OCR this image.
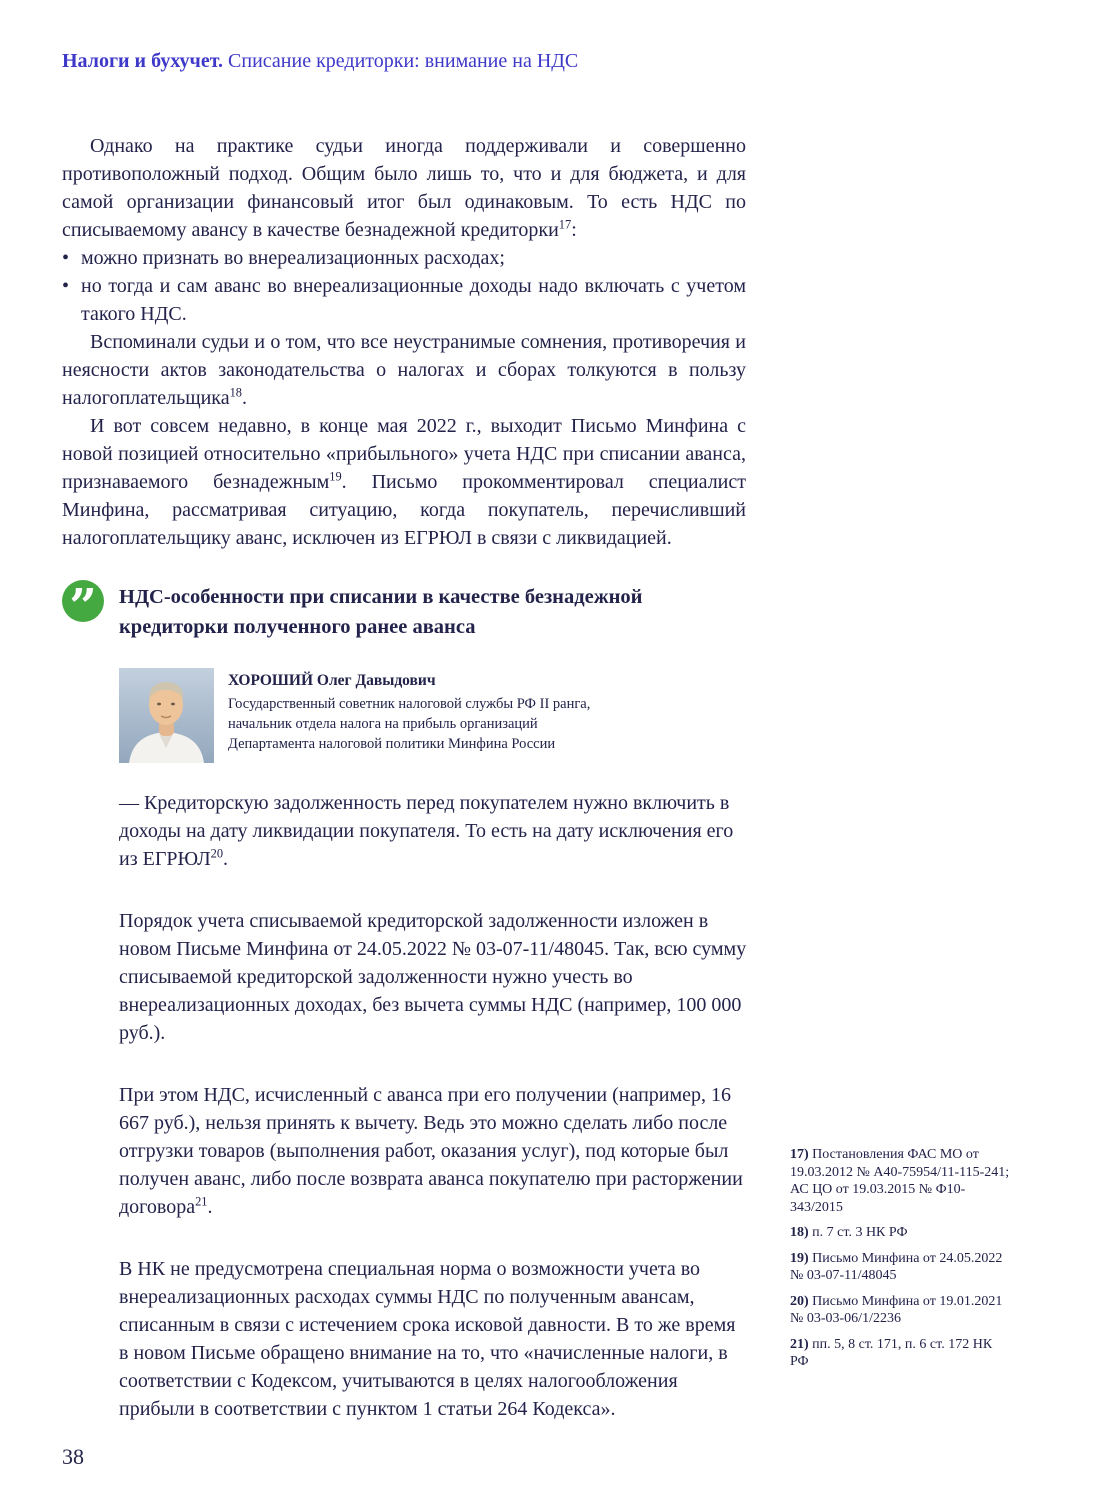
Налоги и бухучет. Списание кредиторки: внимание на НДС

Однако на практике судьи иногда поддерживали и совершенно противоположный подход. Общим было лишь то, что и для бюджета, и для самой организации финансовый итог был одинаковым. То есть НДС по списываемому авансу в качестве безнадежной кредиторки$^{17}$:

• можно признать во внереализационных расходах;
• но тогда и сам аванс во внереализационные доходы надо включать с учетом такого НДС.

Вспоминали судьи и о том, что все неустранимые сомнения, противоречия и неясности актов законодательства о налогах и сборах толкуются в пользу налогоплательщика$^{18}$.

И вот совсем недавно, в конце мая 2022 г., выходит Письмо Минфина с новой позицией относительно «прибыльного» учета НДС при списании аванса, признаваемого безнадежным$^{19}$. Письмо прокомментировал специалист Минфина, рассматривая ситуацию, когда покупатель, перечисливший налогоплательщику аванс, исключен из ЕГРЮЛ в связи с ликвидацией.

”	НДС-особенности при списании в качестве безнадежной кредиторки полученного ранее аванса
ХОРОШИЙ Олег Давыдович
Государственный советник налоговой службы РФ II ранга,
начальник отдела налога на прибыль организаций
Департамента налоговой политики Минфина России

— Кредиторскую задолженность перед покупателем нужно включить в доходы на дату ликвидации покупателя. То есть на дату исключения его из ЕГРЮЛ$^{20}$.

Порядок учета списываемой кредиторской задолженности изложен в новом Письме Минфина от 24.05.2022 № 03-07-11/48045. Так, всю сумму списываемой кредиторской задолженности нужно учесть во внереализационных доходах, без вычета суммы НДС (например, 100 000 руб.).

При этом НДС, исчисленный с аванса при его получении (например, 16 667 руб.), нельзя принять к вычету. Ведь это можно сделать либо после отгрузки товаров (выполнения работ, оказания услуг), под которые был получен аванс, либо после возврата аванса покупателю при расторжении договора$^{21}$.

В НК не предусмотрена специальная норма о возможности учета во внереализационных расходах суммы НДС по полученным авансам, списанным в связи с истечением срока исковой давности. В то же время в новом Письме обращено внимание на то, что «начисленные налоги, в соответствии с Кодексом, учитываются в целях налогообложения прибыли в соответствии с пунктом 1 статьи 264 Кодекса».

17) Постановления ФАС МО от 19.03.2012 № А40-75954/11-115-241; АС ЦО от 19.03.2015 № Ф10-343/2015
18) п. 7 ст. 3 НК РФ
19) Письмо Минфина от 24.05.2022 № 03-07-11/48045
20) Письмо Минфина от 19.01.2021 № 03-03-06/1/2236
21) пп. 5, 8 ст. 171, п. 6 ст. 172 НК РФ
38
